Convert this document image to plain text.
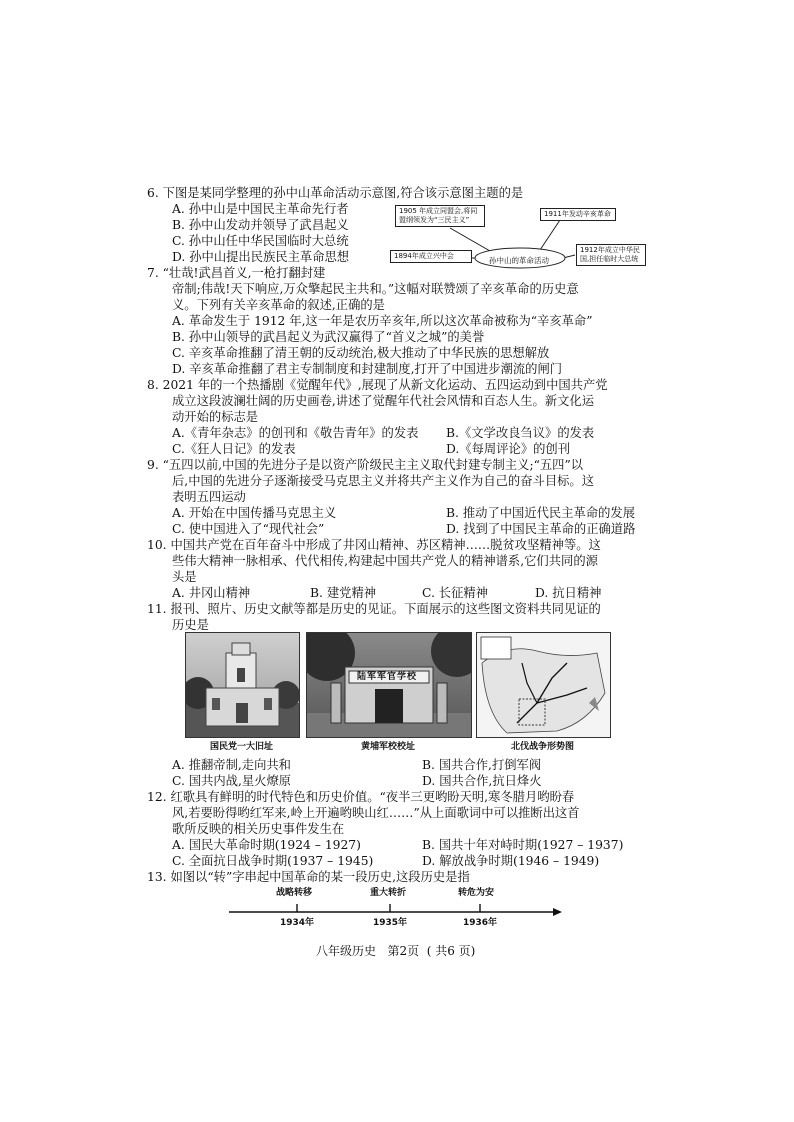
6. 下图是某同学整理的孙中山革命活动示意图,符合该示意图主题的是
A. 孙中山是中国民主革命先行者
B. 孙中山发动并领导了武昌起义
C. 孙中山任中华民国临时大总统
D. 孙中山提出民族民主革命思想	孙中山的革命活动
1905 年成立同盟会,将同盟纲领发为“三民主义”
1911年发动辛亥革命
1894年成立兴中会
1912年成立中华民国,担任临时大总统
7. “壮哉!武昌首义,一枪打翻封建
帝制;伟哉!天下响应,万众擎起民主共和。”这幅对联赞颂了辛亥革命的历史意
义。下列有关辛亥革命的叙述,正确的是
A. 革命发生于 1912 年,这一年是农历辛亥年,所以这次革命被称为“辛亥革命”
B. 孙中山领导的武昌起义为武汉赢得了“首义之城”的美誉
C. 辛亥革命推翻了清王朝的反动统治,极大推动了中华民族的思想解放
D. 辛亥革命推翻了君主专制制度和封建制度,打开了中国进步潮流的闸门
8. 2021 年的一个热播剧《觉醒年代》,展现了从新文化运动、五四运动到中国共产党
成立这段波澜壮阔的历史画卷,讲述了觉醒年代社会风情和百态人生。新文化运
动开始的标志是
A.《青年杂志》的创刊和《敬告青年》的发表 B.《文学改良刍议》的发表
C.《狂人日记》的发表	D.《每周评论》的创刊
9. “五四以前,中国的先进分子是以资产阶级民主主义取代封建专制主义;“五四”以
后,中国的先进分子逐渐接受马克思主义并将共产主义作为自己的奋斗目标。这
表明五四运动
A. 开始在中国传播马克思主义	B. 推动了中国近代民主革命的发展
C. 使中国进入了“现代社会”	D. 找到了中国民主革命的正确道路
10. 中国共产党在百年奋斗中形成了井冈山精神、苏区精神……脱贫攻坚精神等。这
些伟大精神一脉相承、代代相传,构建起中国共产党人的精神谱系,它们共同的源
头是
A. 井冈山精神	B. 建党精神	C. 长征精神	D. 抗日精神
11. 报刊、照片、历史文献等都是历史的见证。下面展示的这些图文资料共同见证的
历史是
国民党一大旧址
陆军军官学校
黄埔军校校址	北伐战争形势图
A. 推翻帝制,走向共和	B. 国共合作,打倒军阀
C. 国共内战,星火燎原	D. 国共合作,抗日烽火
12. 红歌具有鲜明的时代特色和历史价值。“夜半三更哟盼天明,寒冬腊月哟盼春
风,若要盼得哟红军来,岭上开遍哟映山红……”从上面歌词中可以推断出这首
歌所反映的相关历史事件发生在
A. 国民大革命时期(1924 – 1927)	B. 国共十年对峙时期(1927 – 1937)
C. 全面抗日战争时期(1937 – 1945)	D. 解放战争时期(1946 – 1949)
13. 如图以“转”字串起中国革命的某一段历史,这段历史是指
战略转移	重大转折	转危为安
1934年	1935年	1936年
八年级历史   第2页  ( 共6 页)
